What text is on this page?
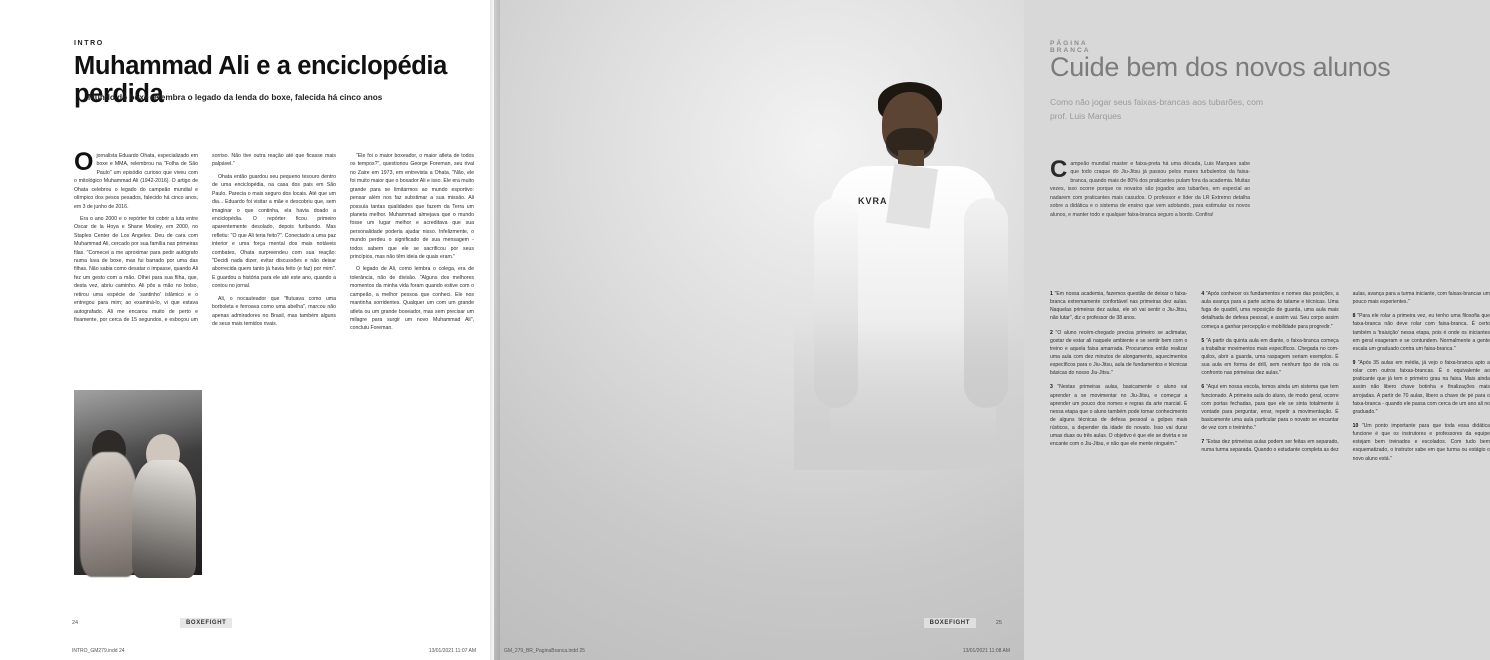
INTRO
Muhammad Ali e a enciclopédia perdida
Mundo do boxe relembra o legado da lenda do boxe, falecida há cinco anos

Ojornalista Eduardo Ohata, especializado em boxe e MMA, relembrou na "Folha de São Paulo" um episódio curioso que viveu com o mitológico Muhammad Ali (1942-2016). O artigo de Ohata celebrou o legado do campeão mundial e olímpico dos pesos pesados, falecido há cinco anos, em 3 de junho de 2016.

Era o ano 2000 e o repórter foi cobrir a luta entre Oscar de la Hoya e Shane Mosley, em 2000, no Staples Center de Los Angeles. Deu de cara com Muhammad Ali, cercado por sua família nas primeiras filas. "Comecei a me aproximar para pedir autógrafo numa luva de boxe, mas fui barrado por uma das filhas. Não sabia como desatar o impasse, quando Ali fez um gesto com a mão. Olhei para sua filha, que, desta vez, abriu caminho. Ali pôs a mão no bolso, retirou uma espécie de 'santinho' islâmico e o entregou para mim; ao examiná-lo, vi que estava autografado. Ali me encarou muito de perto e fixamente, por cerca de 15 segundos, e esboçou um sorriso. Não tive outra reação até que ficasse mais palpável."

Ohata então guardou seu pequeno tesouro dentro de uma enciclopédia, na casa dos pais em São Paulo. Parecia o mais seguro dos locais. Até que um dia... Eduardo foi visitar a mãe e descobriu que, sem imaginar o que continha, ela havia doado a enciclopédia. O repórter ficou primeiro aparentemente desolado, depois furibundo. Mas refletiu: "O que Ali teria feito?". Conectado a uma paz interior e uma força mental dos mais notáveis combates, Ohata surpreendeu com sua reação: "Decidi nada dizer, evitar discussões e não deixar aborrecida quem tanto já havia feito (e faz) por mim". E guardou a história para ele até este ano, quando a contou no jornal.

Ali, o nocauteador que "flutuava como uma borboleta e ferroava como uma abelha", marcou não apenas admiradores no Brasil, mas também alguns de seus mais temidos rivais.

"Ele foi o maior boxeador, o maior atleta de todos os tempos?", questionou George Foreman, seu rival no Zaire em 1973, em entrevista a Ohata. "Não, ele foi muito maior que o boxador Ali e isso. Ele era muito grande para se limitarmos ao mundo esportivo: pensar além nos faz substimar a sua missão. Ali possuía tantas qualidades que fazem da Terra um planeta melhor. Muhammad almejava que o mundo fosse um lugar melhor e acreditava que sua personalidade poderia ajudar nisso. Infelizmente, o mundo perdeu o significado de sua mensagem - todos sabem que ele se sacrificou por seus princípios, mas não têm ideia de quais eram."

O legado de Ali, como lembra o colega, era de tolerância, não de divisão. "Alguns dos melhores momentos da minha vida foram quando estive com o campeão, a melhor pessoa que conheci. Ele nos mantinha sorridentes. Qualquer um com um grande atleta ou um grande boxeador, mas sem precisar um milagre para surgir um novo Muhammad Ali", concluiu Foreman.

24	BOXEFIGHT
INTRO_GM279.indd 24	13/01/2021 11:07 AM
KVRA
PÁGINA BRANCA
Cuide bem dos novos alunos
Como não jogar seus faixas-brancas aos tubarões, com prof. Luis Marques

Campeão mundial master e faixa-preta há uma década, Luis Marques sabe que todo craque do Jiu-Jitsu já passou pelos mares turbulentos da faixa-branca, quando mais de 80% dos praticantes pulam fora da academia. Muitas vezes, isso ocorre porque os novatos são jogados aos tubarões, em especial ao nadarem com praticantes mais casudos. O professor e líder da LR Extremo detalha sobre a didática e o sistema de ensino que vem adotando, para estimular os novos alunos, e manter todo e qualquer faixa-branca seguro a bordo. Confira!

1 "Em nossa academia, fazemos questão de deixar o faixa-branca extremamente confortável nas primeiras dez aulas. Naquelas primeiras dez aulas, ele só vai sentir o Jiu-Jitsu, não lutar", diz o professor de 38 anos.

2 "O aluno recém-chegado precisa primeiro se aclimatar, gostar de estar ali naquele ambiente e se sentir bem com o treino e aquela faixa amarrada. Procuramos então realizar uma aula com dez minutos de alongamento, aquecimentos específicos para o Jiu-Jitsu, aula de fundamentos e técnicas básicas do nosso Jiu-Jitsu."

3 "Nestas primeiras aulas, basicamente o aluno vai aprender a se movimentar no Jiu-Jitsu, e começar a aprender um pouco dos nomes e regras da arte marcial. É nessa etapa que o aluno também pode tomar conhecimento de alguns técnicas de defesa pessoal a golpes mais rústicos, a depender da idade do novato. Isso vai durar umas duas ou três aulas. O objetivo é que ele se divirta e se encante com o Jiu-Jitsu, e não que ele mente ninguém."

4 "Após conhecer os fundamentos e nomes das posições, a aula avança para a parte acima do tatame e técnicas. Uma fuga de quadril, uma reposição de guarda, uma aula mais detalhada de defesa pessoal, e assim vai. Seu corpo assim começa a ganhar percepção e mobilidade para progredir."

5 "A partir da quinta aula em diante, o faixa-branca começa a trabalhar movimentos mais específicos. Chegada no com-quilos, abrir a guarda, uma raspagem seriam exemplos. É sua aula em forma de drill, sem nenhum tipo de rola ou confronto nas primeiras dez aulas."

6 "Aqui em nossa escola, temos ainda um sistema que tem funcionado. A primeira aula do aluno, de modo geral, ocorre com portas fechadas, para que ele se sinta totalmente à vontade para perguntar, errar, repetir a movimentação. É basicamente uma aula particular para o novato se encantar de vez com o treininho."

7 "Estas dez primeiras aulas podem ser feitas em separado, numa turma separada. Quando o estudante completa as dez aulas, avança para a turma iniciante, com faixas-brancas um pouco mais experientes."

8 "Para ele rolar a primeira vez, eu tenho uma filosofia que faixa-branca não deve rolar com faixa-branca. É certo também a 'traiuição' nessa etapa, pois é onde os iniciantes em geral exageram e se contundem. Normalmente a gente escala um graduado contra um faixa-branca."

9 "Após 35 aulas em média, já vejo o faixa-branca apto a rolar com outros faixas-brancas. É o equivalente ao praticante que já tem o primeiro grau na faixa. Mais ainda assim não libero chave botinha e finalizações mais arrojadas. A partir de 70 aulas, libero a chave de pé para o faixa-branca - quando ele passa com cerca de um ano ali no graduado."

10 "Um ponto importante para que toda essa didática funcione é que os instrutores e professores da equipe estejam bem treinados e escolados. Com tudo bem esquematizado, o instrutor sabe em que turma ou estágio o novo aluno está."

25
BOXEFIGHT
GM_279_BR_PaginaBranca.indd 25	13/01/2021 11:08 AM
